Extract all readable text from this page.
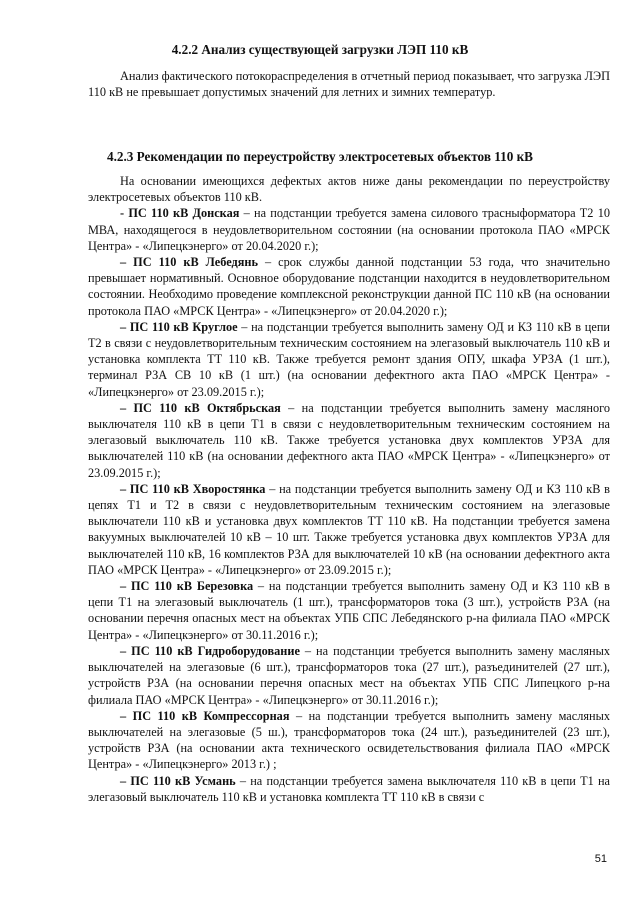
4.2.2 Анализ существующей загрузки ЛЭП 110 кВ

Анализ фактического потокораспределения в отчетный период показывает, что загрузка ЛЭП 110 кВ не превышает допустимых значений для летних и зимних температур.

4.2.3 Рекомендации по переустройству электросетевых объектов 110 кВ

На основании имеющихся дефектых актов ниже даны рекомендации по переустройству электросетевых объектов 110 кВ.

- ПС 110 кВ Донская – на подстанции требуется замена силового трасныформатора Т2 10 МВА, находящегося в неудовлетворительном состоянии (на основании протокола ПАО «МРСК Центра» - «Липецкэнерго» от 20.04.2020 г.);

– ПС 110 кВ Лебедянь – срок службы данной подстанции 53 года, что значительно превышает нормативный. Основное оборудование подстанции находится в неудовлетворительном состоянии. Необходимо проведение комплексной реконструкции данной ПС 110 кВ (на основании протокола ПАО «МРСК Центра» - «Липецкэнерго» от 20.04.2020 г.);

– ПС 110 кВ Круглое – на подстанции требуется выполнить замену ОД и КЗ 110 кВ в цепи Т2 в связи с неудовлетворительным техническим состоянием на элегазовый выключатель 110 кВ и установка комплекта ТТ 110 кВ. Также требуется ремонт здания ОПУ, шкафа УРЗА (1 шт.), терминал РЗА СВ 10 кВ (1 шт.) (на основании дефектного акта ПАО «МРСК Центра» - «Липецкэнерго» от 23.09.2015 г.);

– ПС 110 кВ Октябрьская – на подстанции требуется выполнить замену масляного выключателя 110 кВ в цепи Т1 в связи с неудовлетворительным техническим состоянием на элегазовый выключатель 110 кВ. Также требуется установка двух комплектов УРЗА для выключателей 110 кВ (на основании дефектного акта ПАО «МРСК Центра» - «Липецкэнерго» от 23.09.2015 г.);

– ПС 110 кВ Хворостянка – на подстанции требуется выполнить замену ОД и КЗ 110 кВ в цепях Т1 и Т2 в связи с неудовлетворительным техническим состоянием на элегазовые выключатели 110 кВ и установка двух комплектов ТТ 110 кВ. На подстанции требуется замена вакуумных выключателей 10 кВ – 10 шт. Также требуется установка двух комплектов УРЗА для выключателей 110 кВ, 16 комплектов РЗА для выключателей 10 кВ (на основании дефектного акта ПАО «МРСК Центра» - «Липецкэнерго» от 23.09.2015 г.);

– ПС 110 кВ Березовка – на подстанции требуется выполнить замену ОД и КЗ 110 кВ в цепи Т1 на элегазовый выключатель (1 шт.), трансформаторов тока (3 шт.), устройств РЗА (на основании перечня опасных мест на объектах УПБ СПС Лебедянского р-на филиала ПАО «МРСК Центра» - «Липецкэнерго» от 30.11.2016 г.);

– ПС 110 кВ Гидроборудование – на подстанции требуется выполнить замену масляных выключателей на элегазовые (6 шт.), трансформаторов тока (27 шт.), разъединителей (27 шт.), устройств РЗА (на основании перечня опасных мест на объектах УПБ СПС Липецкого р-на филиала ПАО «МРСК Центра» - «Липецкэнерго» от 30.11.2016 г.);

– ПС 110 кВ Компрессорная – на подстанции требуется выполнить замену масляных выключателей на элегазовые (5 ш.), трансформаторов тока (24 шт.), разъединителей (23 шт.), устройств РЗА (на основании акта технического освидетельствования филиала ПАО «МРСК Центра» - «Липецкэнерго» 2013 г.) ;

– ПС 110 кВ Усмань – на подстанции требуется замена выключателя 110 кВ в цепи Т1 на элегазовый выключатель 110 кВ и установка комплекта ТТ 110 кВ в связи с

51
